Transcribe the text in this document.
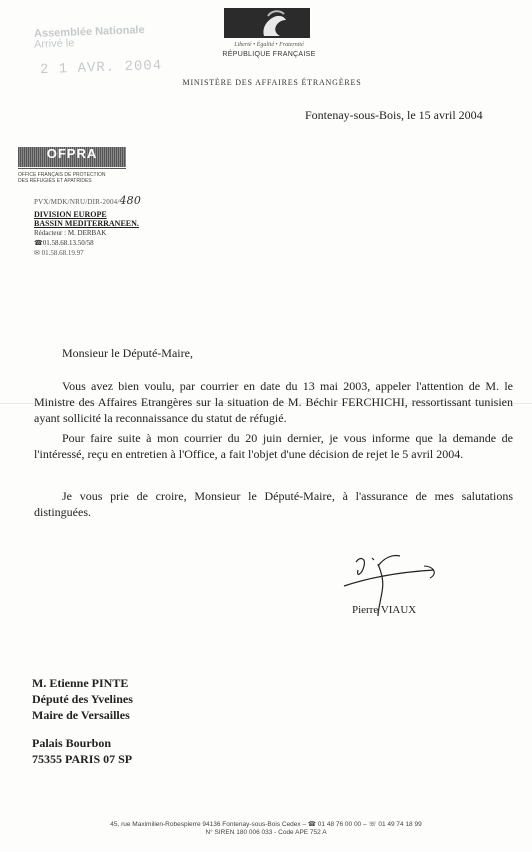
Assemblée Nationale
Arrivé le
2 1 AVR. 2004
Liberté • Égalité • Fraternité
RÉPUBLIQUE FRANÇAISE
MINISTÈRE DES AFFAIRES ÉTRANGÈRES
Fontenay-sous-Bois, le 15 avril 2004
OFPRA
OFFICE FRANÇAIS DE PROTECTION
DES RÉFUGIÉS ET APATRIDES
PVX/MDK/NRU/DIR-2004/480
DIVISION EUROPE
BASSIN MEDITERRANEEN.
Rédacteur : M. DERBAK
☎01.58.68.13.50/58
✉ 01.58.68.19.97
Monsieur le Député-Maire,
Vous avez bien voulu, par courrier en date du 13 mai 2003, appeler l'attention de M. le Ministre des Affaires Etrangères sur la situation de M. Béchir FERCHICHI, ressortissant tunisien ayant sollicité la reconnaissance du statut de réfugié.
Pour faire suite à mon courrier du 20 juin dernier, je vous informe que la demande de l'intéressé, reçu en entretien à l'Office, a fait l'objet d'une décision de rejet le 5 avril 2004.
Je vous prie de croire, Monsieur le Député-Maire, à l'assurance de mes salutations distinguées.
Pierre VIAUX
M. Etienne PINTE
Député des Yvelines
Maire de Versailles
Palais Bourbon
75355 PARIS 07 SP
45, rue Maximilien-Robespierre 94136 Fontenay-sous-Bois Cedex – ☎ 01 48 76 00 00 – ☏ 01 49 74 18 99
N° SIREN 180 006 033 - Code APE 752 A
